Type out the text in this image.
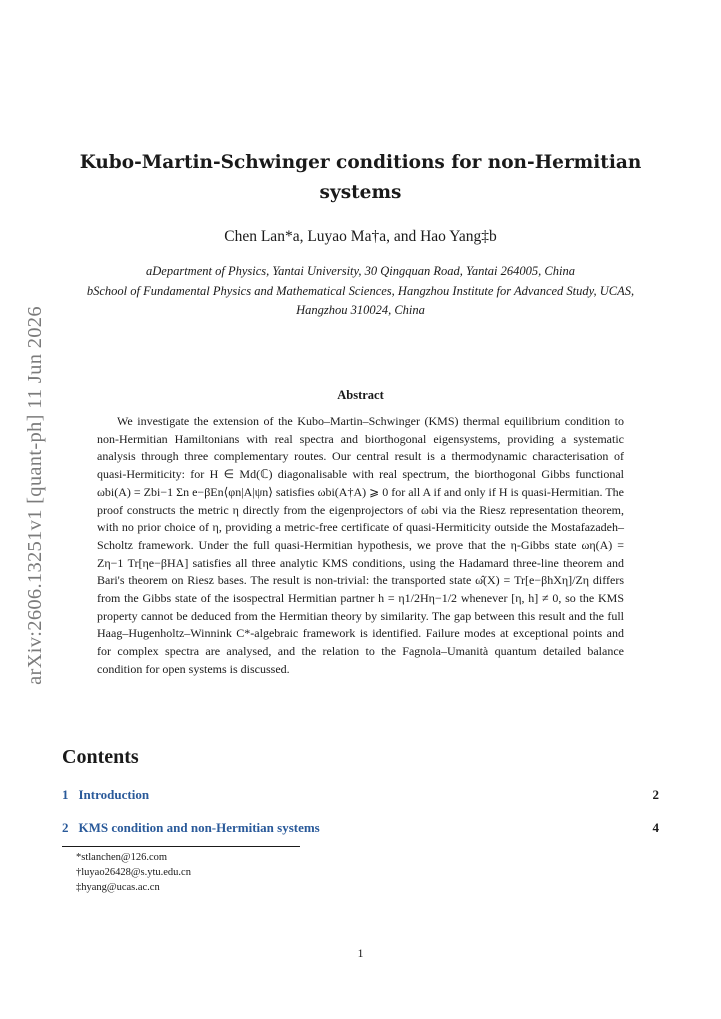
arXiv:2606.13251v1 [quant-ph] 11 Jun 2026
Kubo-Martin-Schwinger conditions for non-Hermitian systems
Chen Lan*a, Luyao Ma†a, and Hao Yang‡b
aDepartment of Physics, Yantai University, 30 Qingquan Road, Yantai 264005, China
bSchool of Fundamental Physics and Mathematical Sciences, Hangzhou Institute for Advanced Study, UCAS, Hangzhou 310024, China
Abstract
We investigate the extension of the Kubo–Martin–Schwinger (KMS) thermal equilibrium condition to non-Hermitian Hamiltonians with real spectra and biorthogonal eigensystems, providing a systematic analysis through three complementary routes. Our central result is a thermodynamic characterisation of quasi-Hermiticity: for H ∈ Md(ℂ) diagonalisable with real spectrum, the biorthogonal Gibbs functional ωbi(A) = Zbi−1 Σn e−βEn⟨φn|A|ψn⟩ satisfies ωbi(A†A) ⩾ 0 for all A if and only if H is quasi-Hermitian. The proof constructs the metric η directly from the eigenprojectors of ωbi via the Riesz representation theorem, with no prior choice of η, providing a metric-free certificate of quasi-Hermiticity outside the Mostafazadeh–Scholtz framework. Under the full quasi-Hermitian hypothesis, we prove that the η-Gibbs state ωη(A) = Zη−1 Tr[ηe−βHA] satisfies all three analytic KMS conditions, using the Hadamard three-line theorem and Bari's theorem on Riesz bases. The result is non-trivial: the transported state ω̂(X) = Tr[e−βhXη]/Zη differs from the Gibbs state of the isospectral Hermitian partner h = η1/2Hη−1/2 whenever [η, h] ≠ 0, so the KMS property cannot be deduced from the Hermitian theory by similarity. The gap between this result and the full Haag–Hugenholtz–Winnink C*-algebraic framework is identified. Failure modes at exceptional points and for complex spectra are analysed, and the relation to the Fagnola–Umanità quantum detailed balance condition for open systems is discussed.
Contents
1 Introduction	2
2 KMS condition and non-Hermitian systems	4
*stlanchen@126.com
†luyao26428@s.ytu.edu.cn
‡hyang@ucas.ac.cn
1
